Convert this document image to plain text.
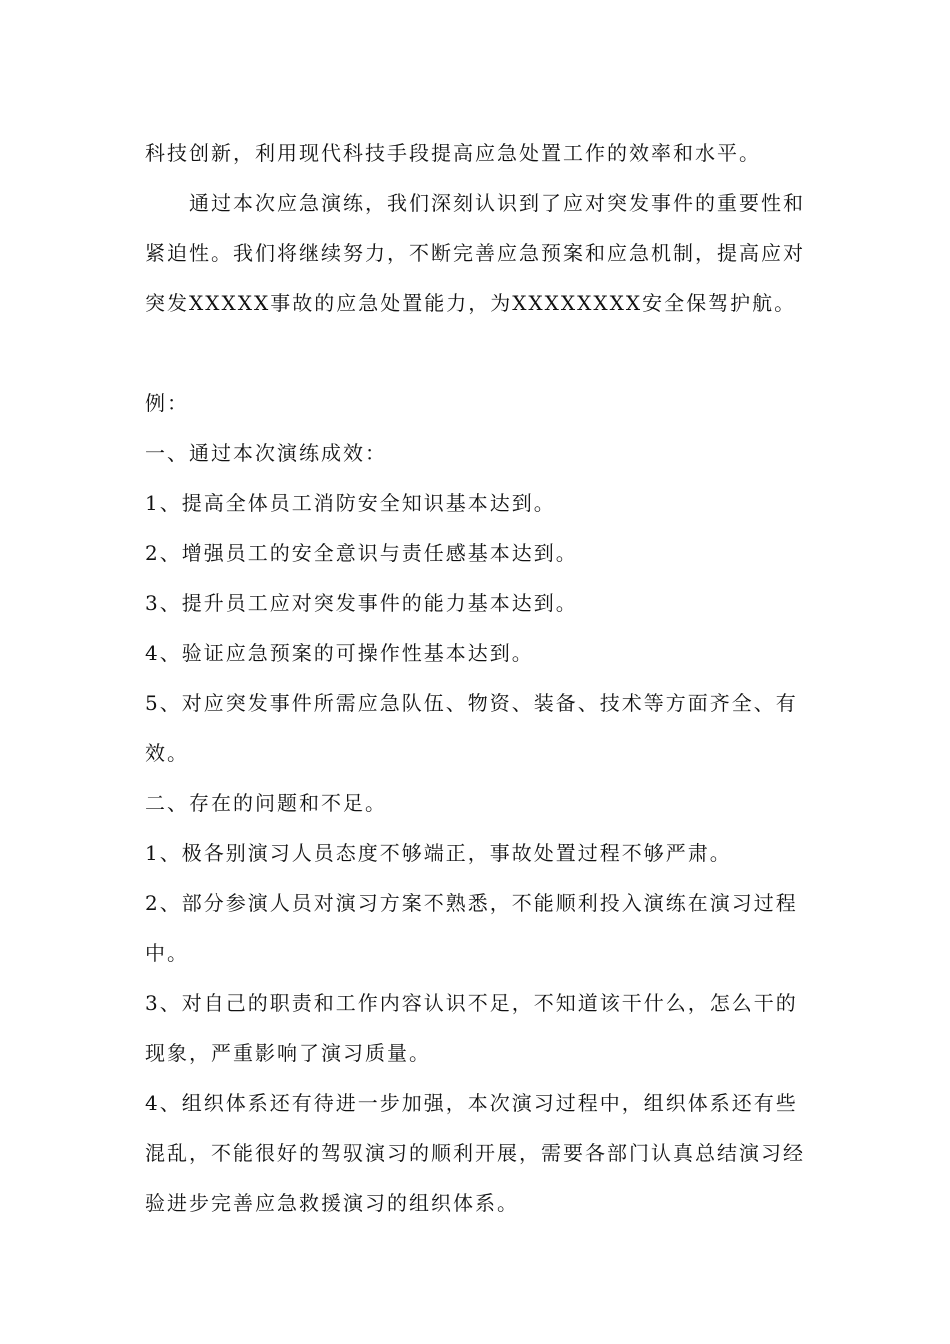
科技创新，利用现代科技手段提高应急处置工作的效率和水平。

通过本次应急演练，我们深刻认识到了应对突发事件的重要性和紧迫性。我们将继续努力，不断完善应急预案和应急机制，提高应对突发XXXXX事故的应急处置能力，为XXXXXXXX安全保驾护航。

例：

一、通过本次演练成效：

1、提高全体员工消防安全知识基本达到。

2、增强员工的安全意识与责任感基本达到。

3、提升员工应对突发事件的能力基本达到。

4、验证应急预案的可操作性基本达到。

5、对应突发事件所需应急队伍、物资、装备、技术等方面齐全、有效。

二、存在的问题和不足。

1、极各别演习人员态度不够端正，事故处置过程不够严肃。

2、部分参演人员对演习方案不熟悉，不能顺利投入演练在演习过程中。

3、对自己的职责和工作内容认识不足，不知道该干什么，怎么干的现象，严重影响了演习质量。

4、组织体系还有待进一步加强，本次演习过程中，组织体系还有些混乱，不能很好的驾驭演习的顺利开展，需要各部门认真总结演习经验进步完善应急救援演习的组织体系。
